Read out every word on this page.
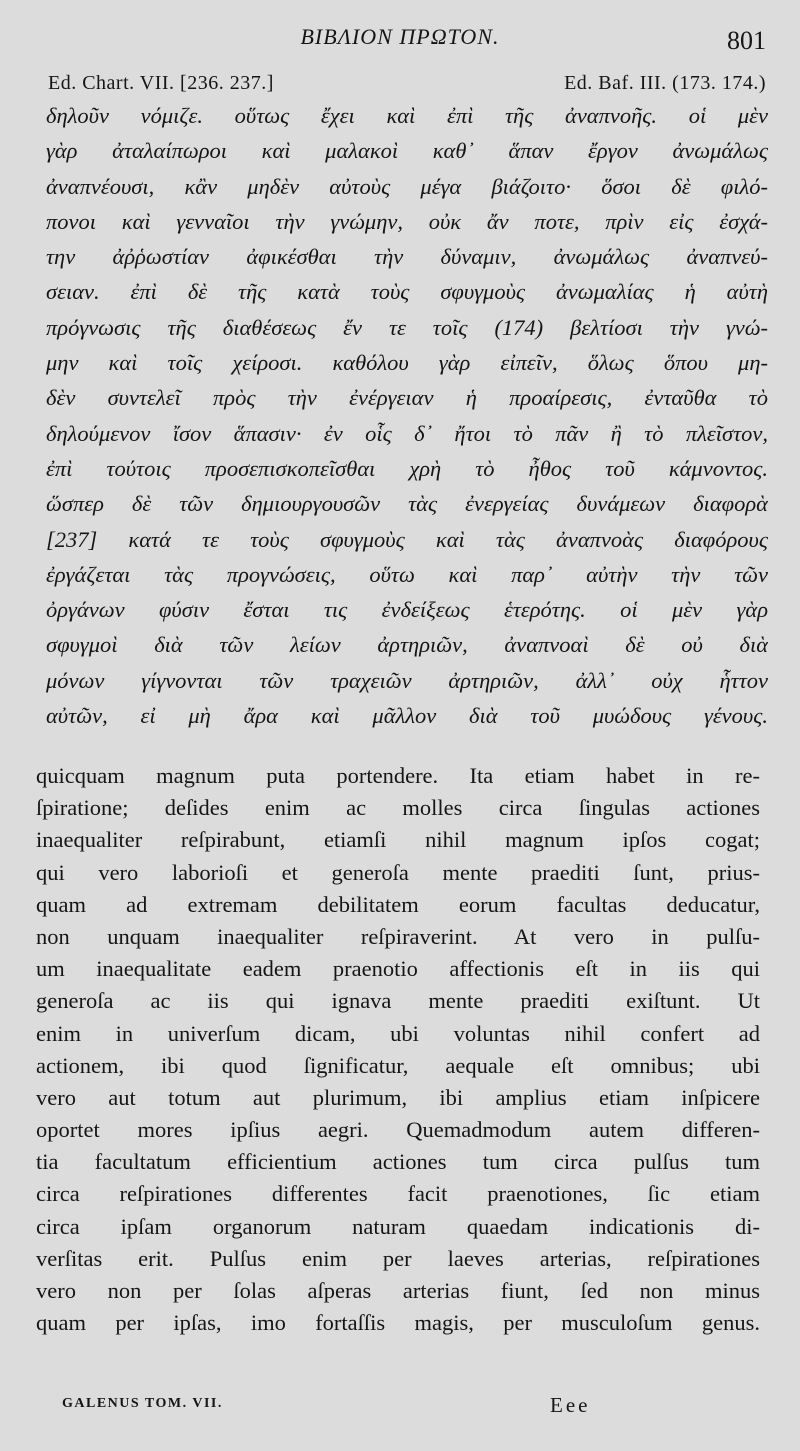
ΒΙΒΛΙΟΝ ΠΡΩΤΟΝ.	801
Ed. Chart. VII. [236. 237.]	Ed. Baf. III. (173. 174.)
δηλοῦν νόμιζε. οὕτως ἔχει καὶ ἐπὶ τῆς ἀναπνοῆς. οἱ μὲν
γὰρ ἀταλαίπωροι καὶ μαλακοὶ καθ᾽ ἅπαν ἔργον ἀνωμάλως
ἀναπνέουσι, κἂν μηδὲν αὐτοὺς μέγα βιάζοιτο· ὅσοι δὲ φιλό-
πονοι καὶ γενναῖοι τὴν γνώμην, οὐκ ἄν ποτε, πρὶν εἰς ἐσχά-
την ἀῤῥωστίαν ἀφικέσθαι τὴν δύναμιν, ἀνωμάλως ἀναπνεύ-
σειαν. ἐπὶ δὲ τῆς κατὰ τοὺς σφυγμοὺς ἀνωμαλίας ἡ αὐτὴ
πρόγνωσις τῆς διαθέσεως ἔν τε τοῖς (174) βελτίοσι τὴν γνώ-
μην καὶ τοῖς χείροσι. καθόλου γὰρ εἰπεῖν, ὅλως ὅπου μη-
δὲν συντελεῖ πρὸς τὴν ἐνέργειαν ἡ προαίρεσις, ἐνταῦθα τὸ
δηλούμενον ἴσον ἅπασιν· ἐν οἷς δ᾽ ἤτοι τὸ πᾶν ἢ τὸ πλεῖστον,
ἐπὶ τούτοις προσεπισκοπεῖσθαι χρὴ τὸ ἦθος τοῦ κάμνοντος.
ὥσπερ δὲ τῶν δημιουργουσῶν τὰς ἐνεργείας δυνάμεων διαφορὰ
[237] κατά τε τοὺς σφυγμοὺς καὶ τὰς ἀναπνοὰς διαφόρους
ἐργάζεται τὰς προγνώσεις, οὕτω καὶ παρ᾽ αὐτὴν τὴν τῶν
ὀργάνων φύσιν ἔσται τις ἐνδείξεως ἑτερότης. οἱ μὲν γὰρ
σφυγμοὶ διὰ τῶν λείων ἀρτηριῶν, ἀναπνοαὶ δὲ οὐ διὰ
μόνων γίγνονται τῶν τραχειῶν ἀρτηριῶν, ἀλλ᾽ οὐχ ἧττον
αὐτῶν, εἰ μὴ ἄρα καὶ μᾶλλον διὰ τοῦ μυώδους γένους.
quicquam magnum puta portendere. Ita etiam habet in re-
ſpiratione; deſides enim ac molles circa ſingulas actiones
inaequaliter reſpirabunt, etiamſi nihil magnum ipſos cogat;
qui vero laborioſi et generoſa mente praediti ſunt, prius-
quam ad extremam debilitatem eorum facultas deducatur,
non unquam inaequaliter reſpiraverint. At vero in pulſu-
um inaequalitate eadem praenotio affectionis eſt in iis qui
generoſa ac iis qui ignava mente praediti exiſtunt. Ut
enim in univerſum dicam, ubi voluntas nihil confert ad
actionem, ibi quod ſignificatur, aequale eſt omnibus; ubi
vero aut totum aut plurimum, ibi amplius etiam inſpicere
oportet mores ipſius aegri. Quemadmodum autem differen-
tia facultatum efficientium actiones tum circa pulſus tum
circa reſpirationes differentes facit praenotiones, ſic etiam
circa ipſam organorum naturam quaedam indicationis di-
verſitas erit. Pulſus enim per laeves arterias, reſpirationes
vero non per ſolas aſperas arterias fiunt, ſed non minus
quam per ipſas, imo fortaſſis magis, per musculoſum genus.
GALENUS TOM. VII.	Eee
